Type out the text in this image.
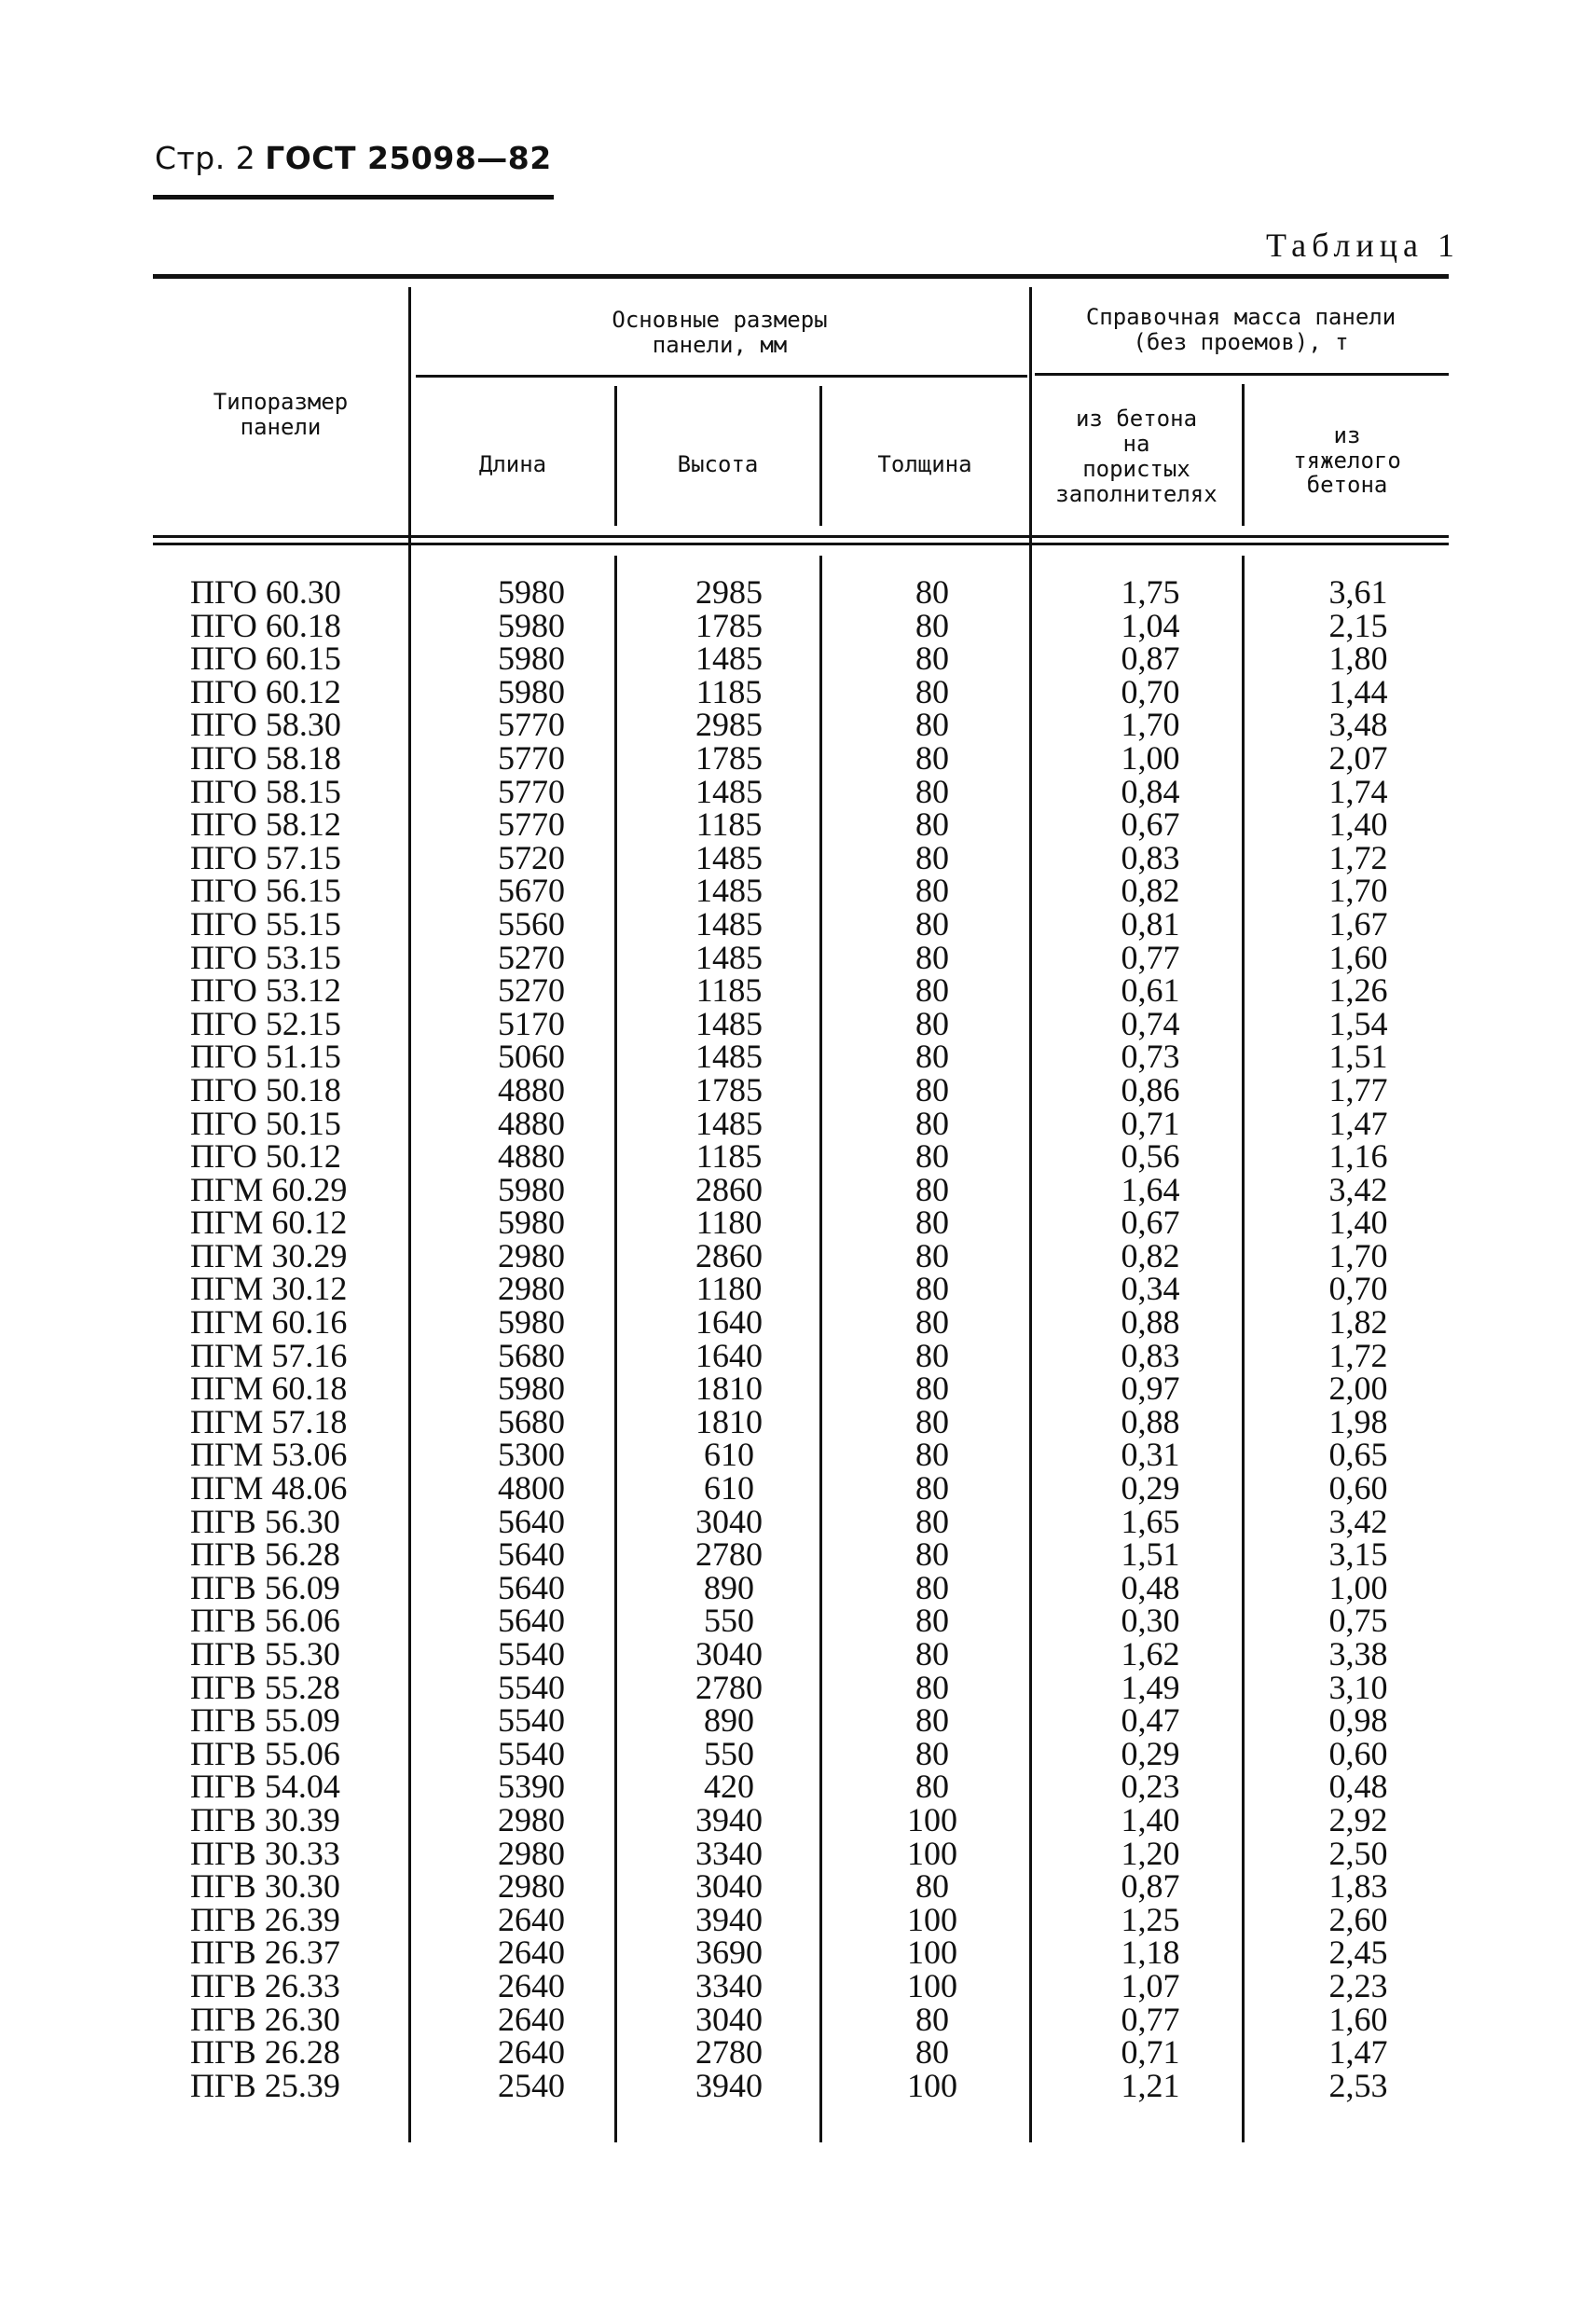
Стр. 2 ГОСТ 25098—82
Таблица 1
Типоразмер
панели
Основные размеры
панели, мм
Длина	Высота	Толщина
Справочная масса панели
(без проемов), т
из бетона
на
пористых
заполнителях
из
тяжелого
бетона
ПГО 60.30	5980	2985	80	1,75	3,61
ПГО 60.18	5980	1785	80	1,04	2,15
ПГО 60.15	5980	1485	80	0,87	1,80
ПГО 60.12	5980	1185	80	0,70	1,44
ПГО 58.30	5770	2985	80	1,70	3,48
ПГО 58.18	5770	1785	80	1,00	2,07
ПГО 58.15	5770	1485	80	0,84	1,74
ПГО 58.12	5770	1185	80	0,67	1,40
ПГО 57.15	5720	1485	80	0,83	1,72
ПГО 56.15	5670	1485	80	0,82	1,70
ПГО 55.15	5560	1485	80	0,81	1,67
ПГО 53.15	5270	1485	80	0,77	1,60
ПГО 53.12	5270	1185	80	0,61	1,26
ПГО 52.15	5170	1485	80	0,74	1,54
ПГО 51.15	5060	1485	80	0,73	1,51
ПГО 50.18	4880	1785	80	0,86	1,77
ПГО 50.15	4880	1485	80	0,71	1,47
ПГО 50.12	4880	1185	80	0,56	1,16
ПГМ 60.29	5980	2860	80	1,64	3,42
ПГМ 60.12	5980	1180	80	0,67	1,40
ПГМ 30.29	2980	2860	80	0,82	1,70
ПГМ 30.12	2980	1180	80	0,34	0,70
ПГМ 60.16	5980	1640	80	0,88	1,82
ПГМ 57.16	5680	1640	80	0,83	1,72
ПГМ 60.18	5980	1810	80	0,97	2,00
ПГМ 57.18	5680	1810	80	0,88	1,98
ПГМ 53.06	5300	610	80	0,31	0,65
ПГМ 48.06	4800	610	80	0,29	0,60
ПГВ 56.30	5640	3040	80	1,65	3,42
ПГВ 56.28	5640	2780	80	1,51	3,15
ПГВ 56.09	5640	890	80	0,48	1,00
ПГВ 56.06	5640	550	80	0,30	0,75
ПГВ 55.30	5540	3040	80	1,62	3,38
ПГВ 55.28	5540	2780	80	1,49	3,10
ПГВ 55.09	5540	890	80	0,47	0,98
ПГВ 55.06	5540	550	80	0,29	0,60
ПГВ 54.04	5390	420	80	0,23	0,48
ПГВ 30.39	2980	3940	100	1,40	2,92
ПГВ 30.33	2980	3340	100	1,20	2,50
ПГВ 30.30	2980	3040	80	0,87	1,83
ПГВ 26.39	2640	3940	100	1,25	2,60
ПГВ 26.37	2640	3690	100	1,18	2,45
ПГВ 26.33	2640	3340	100	1,07	2,23
ПГВ 26.30	2640	3040	80	0,77	1,60
ПГВ 26.28	2640	2780	80	0,71	1,47
ПГВ 25.39	2540	3940	100	1,21	2,53
